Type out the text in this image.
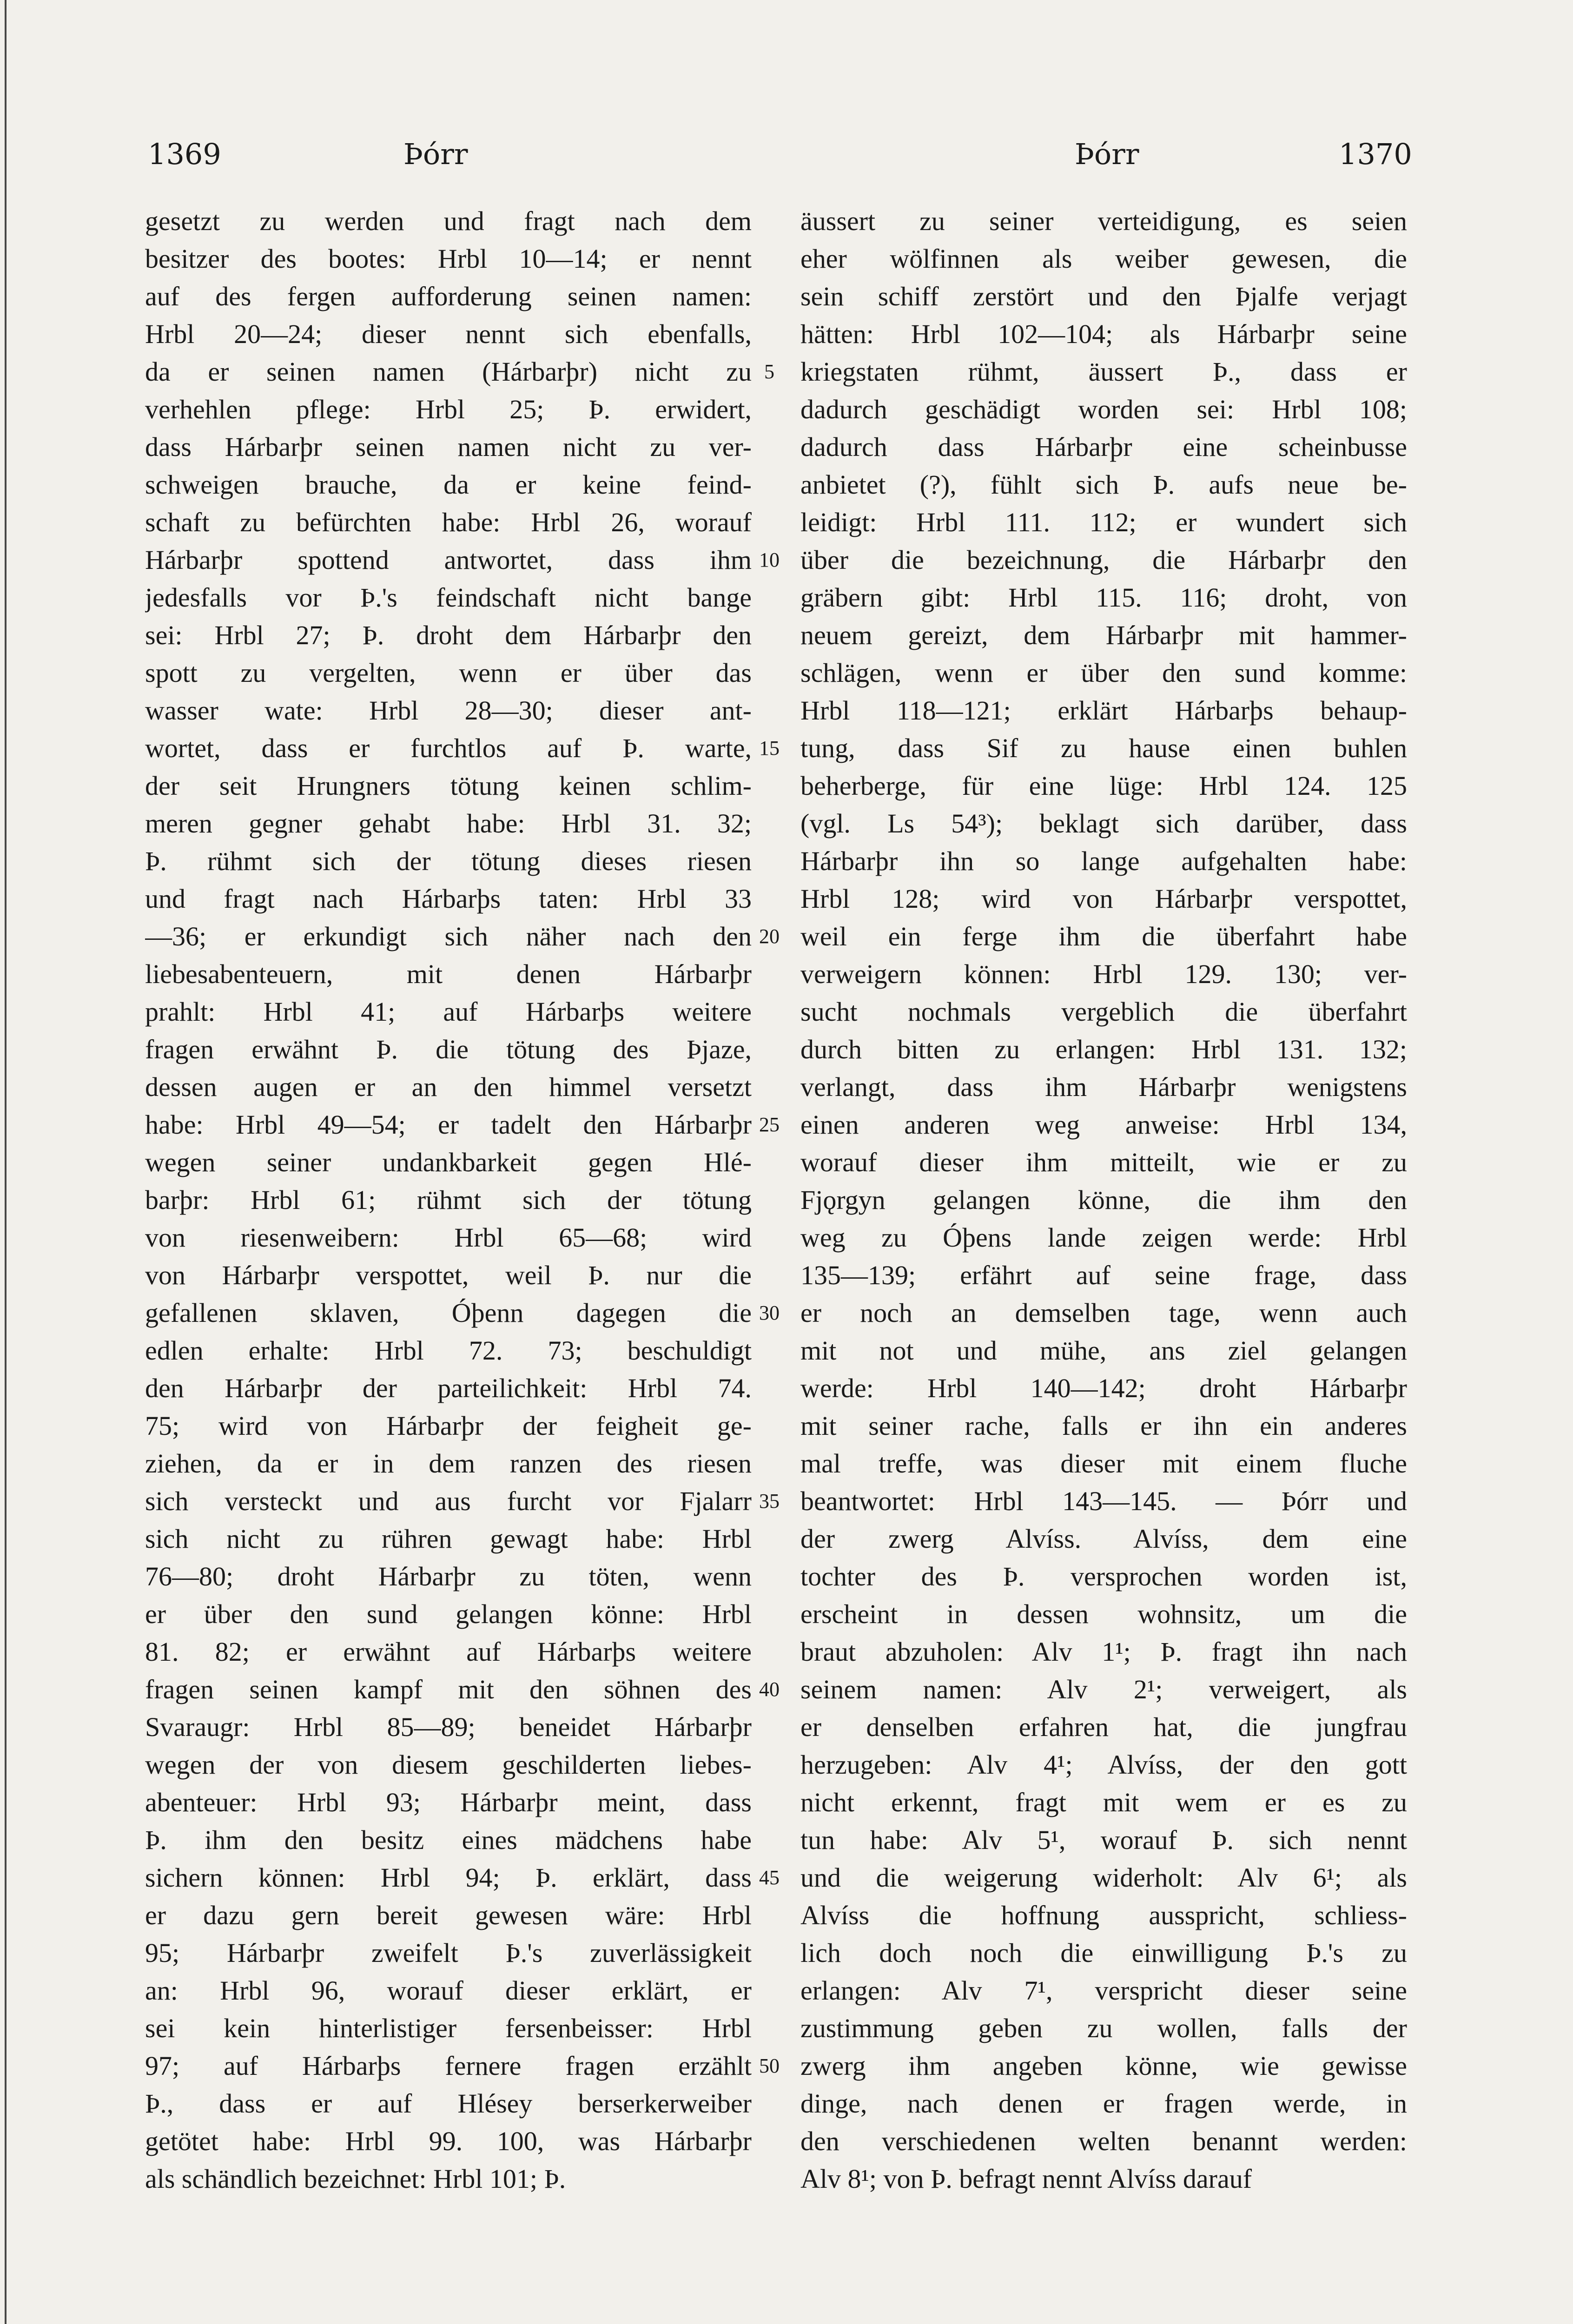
1369	Þórr	Þórr	1370
gesetzt zu werden und fragt nach dem
besitzer des bootes: Hrbl 10—14; er nennt
auf des fergen aufforderung seinen namen:
Hrbl 20—24; dieser nennt sich ebenfalls,
da er seinen namen (Hárbarþr) nicht zu
verhehlen pflege: Hrbl 25; Þ. erwidert,
dass Hárbarþr seinen namen nicht zu ver-
schweigen brauche, da er keine feind-
schaft zu befürchten habe: Hrbl 26, worauf
Hárbarþr spottend antwortet, dass ihm
jedesfalls vor Þ.'s feindschaft nicht bange
sei: Hrbl 27; Þ. droht dem Hárbarþr den
spott zu vergelten, wenn er über das
wasser wate: Hrbl 28—30; dieser ant-
wortet, dass er furchtlos auf Þ. warte,
der seit Hrungners tötung keinen schlim-
meren gegner gehabt habe: Hrbl 31. 32;
Þ. rühmt sich der tötung dieses riesen
und fragt nach Hárbarþs taten: Hrbl 33
—36; er erkundigt sich näher nach den
liebesabenteuern, mit denen Hárbarþr
prahlt: Hrbl 41; auf Hárbarþs weitere
fragen erwähnt Þ. die tötung des Þjaze,
dessen augen er an den himmel versetzt
habe: Hrbl 49—54; er tadelt den Hárbarþr
wegen seiner undankbarkeit gegen Hlé-
barþr: Hrbl 61; rühmt sich der tötung
von riesenweibern: Hrbl 65—68; wird
von Hárbarþr verspottet, weil Þ. nur die
gefallenen sklaven, Óþenn dagegen die
edlen erhalte: Hrbl 72. 73; beschuldigt
den Hárbarþr der parteilichkeit: Hrbl 74.
75; wird von Hárbarþr der feigheit ge-
ziehen, da er in dem ranzen des riesen
sich versteckt und aus furcht vor Fjalarr
sich nicht zu rühren gewagt habe: Hrbl
76—80; droht Hárbarþr zu töten, wenn
er über den sund gelangen könne: Hrbl
81. 82; er erwähnt auf Hárbarþs weitere
fragen seinen kampf mit den söhnen des
Svaraugr: Hrbl 85—89; beneidet Hárbarþr
wegen der von diesem geschilderten liebes-
abenteuer: Hrbl 93; Hárbarþr meint, dass
Þ. ihm den besitz eines mädchens habe
sichern können: Hrbl 94; Þ. erklärt, dass
er dazu gern bereit gewesen wäre: Hrbl
95; Hárbarþr zweifelt Þ.'s zuverlässigkeit
an: Hrbl 96, worauf dieser erklärt, er
sei kein hinterlistiger fersenbeisser: Hrbl
97; auf Hárbarþs fernere fragen erzählt
Þ., dass er auf Hlésey berserkerweiber
getötet habe: Hrbl 99. 100, was Hárbarþr
als schändlich bezeichnet: Hrbl 101; Þ.
5
10
15
20
25
30
35
40
45
50
äussert zu seiner verteidigung, es seien
eher wölfinnen als weiber gewesen, die
sein schiff zerstört und den Þjalfe verjagt
hätten: Hrbl 102—104; als Hárbarþr seine
kriegstaten rühmt, äussert Þ., dass er
dadurch geschädigt worden sei: Hrbl 108;
dadurch dass Hárbarþr eine scheinbusse
anbietet (?), fühlt sich Þ. aufs neue be-
leidigt: Hrbl 111. 112; er wundert sich
über die bezeichnung, die Hárbarþr den
gräbern gibt: Hrbl 115. 116; droht, von
neuem gereizt, dem Hárbarþr mit hammer-
schlägen, wenn er über den sund komme:
Hrbl 118—121; erklärt Hárbarþs behaup-
tung, dass Sif zu hause einen buhlen
beherberge, für eine lüge: Hrbl 124. 125
(vgl. Ls 54³); beklagt sich darüber, dass
Hárbarþr ihn so lange aufgehalten habe:
Hrbl 128; wird von Hárbarþr verspottet,
weil ein ferge ihm die überfahrt habe
verweigern können: Hrbl 129. 130; ver-
sucht nochmals vergeblich die überfahrt
durch bitten zu erlangen: Hrbl 131. 132;
verlangt, dass ihm Hárbarþr wenigstens
einen anderen weg anweise: Hrbl 134,
worauf dieser ihm mitteilt, wie er zu
Fjǫrgyn gelangen könne, die ihm den
weg zu Óþens lande zeigen werde: Hrbl
135—139; erfährt auf seine frage, dass
er noch an demselben tage, wenn auch
mit not und mühe, ans ziel gelangen
werde: Hrbl 140—142; droht Hárbarþr
mit seiner rache, falls er ihn ein anderes
mal treffe, was dieser mit einem fluche
beantwortet: Hrbl 143—145. — Þórr und
der zwerg Alvíss. Alvíss, dem eine
tochter des Þ. versprochen worden ist,
erscheint in dessen wohnsitz, um die
braut abzuholen: Alv 1¹; Þ. fragt ihn nach
seinem namen: Alv 2¹; verweigert, als
er denselben erfahren hat, die jungfrau
herzugeben: Alv 4¹; Alvíss, der den gott
nicht erkennt, fragt mit wem er es zu
tun habe: Alv 5¹, worauf Þ. sich nennt
und die weigerung widerholt: Alv 6¹; als
Alvíss die hoffnung ausspricht, schliess-
lich doch noch die einwilligung Þ.'s zu
erlangen: Alv 7¹, verspricht dieser seine
zustimmung geben zu wollen, falls der
zwerg ihm angeben könne, wie gewisse
dinge, nach denen er fragen werde, in
den verschiedenen welten benannt werden:
Alv 8¹; von Þ. befragt nennt Alvíss darauf
